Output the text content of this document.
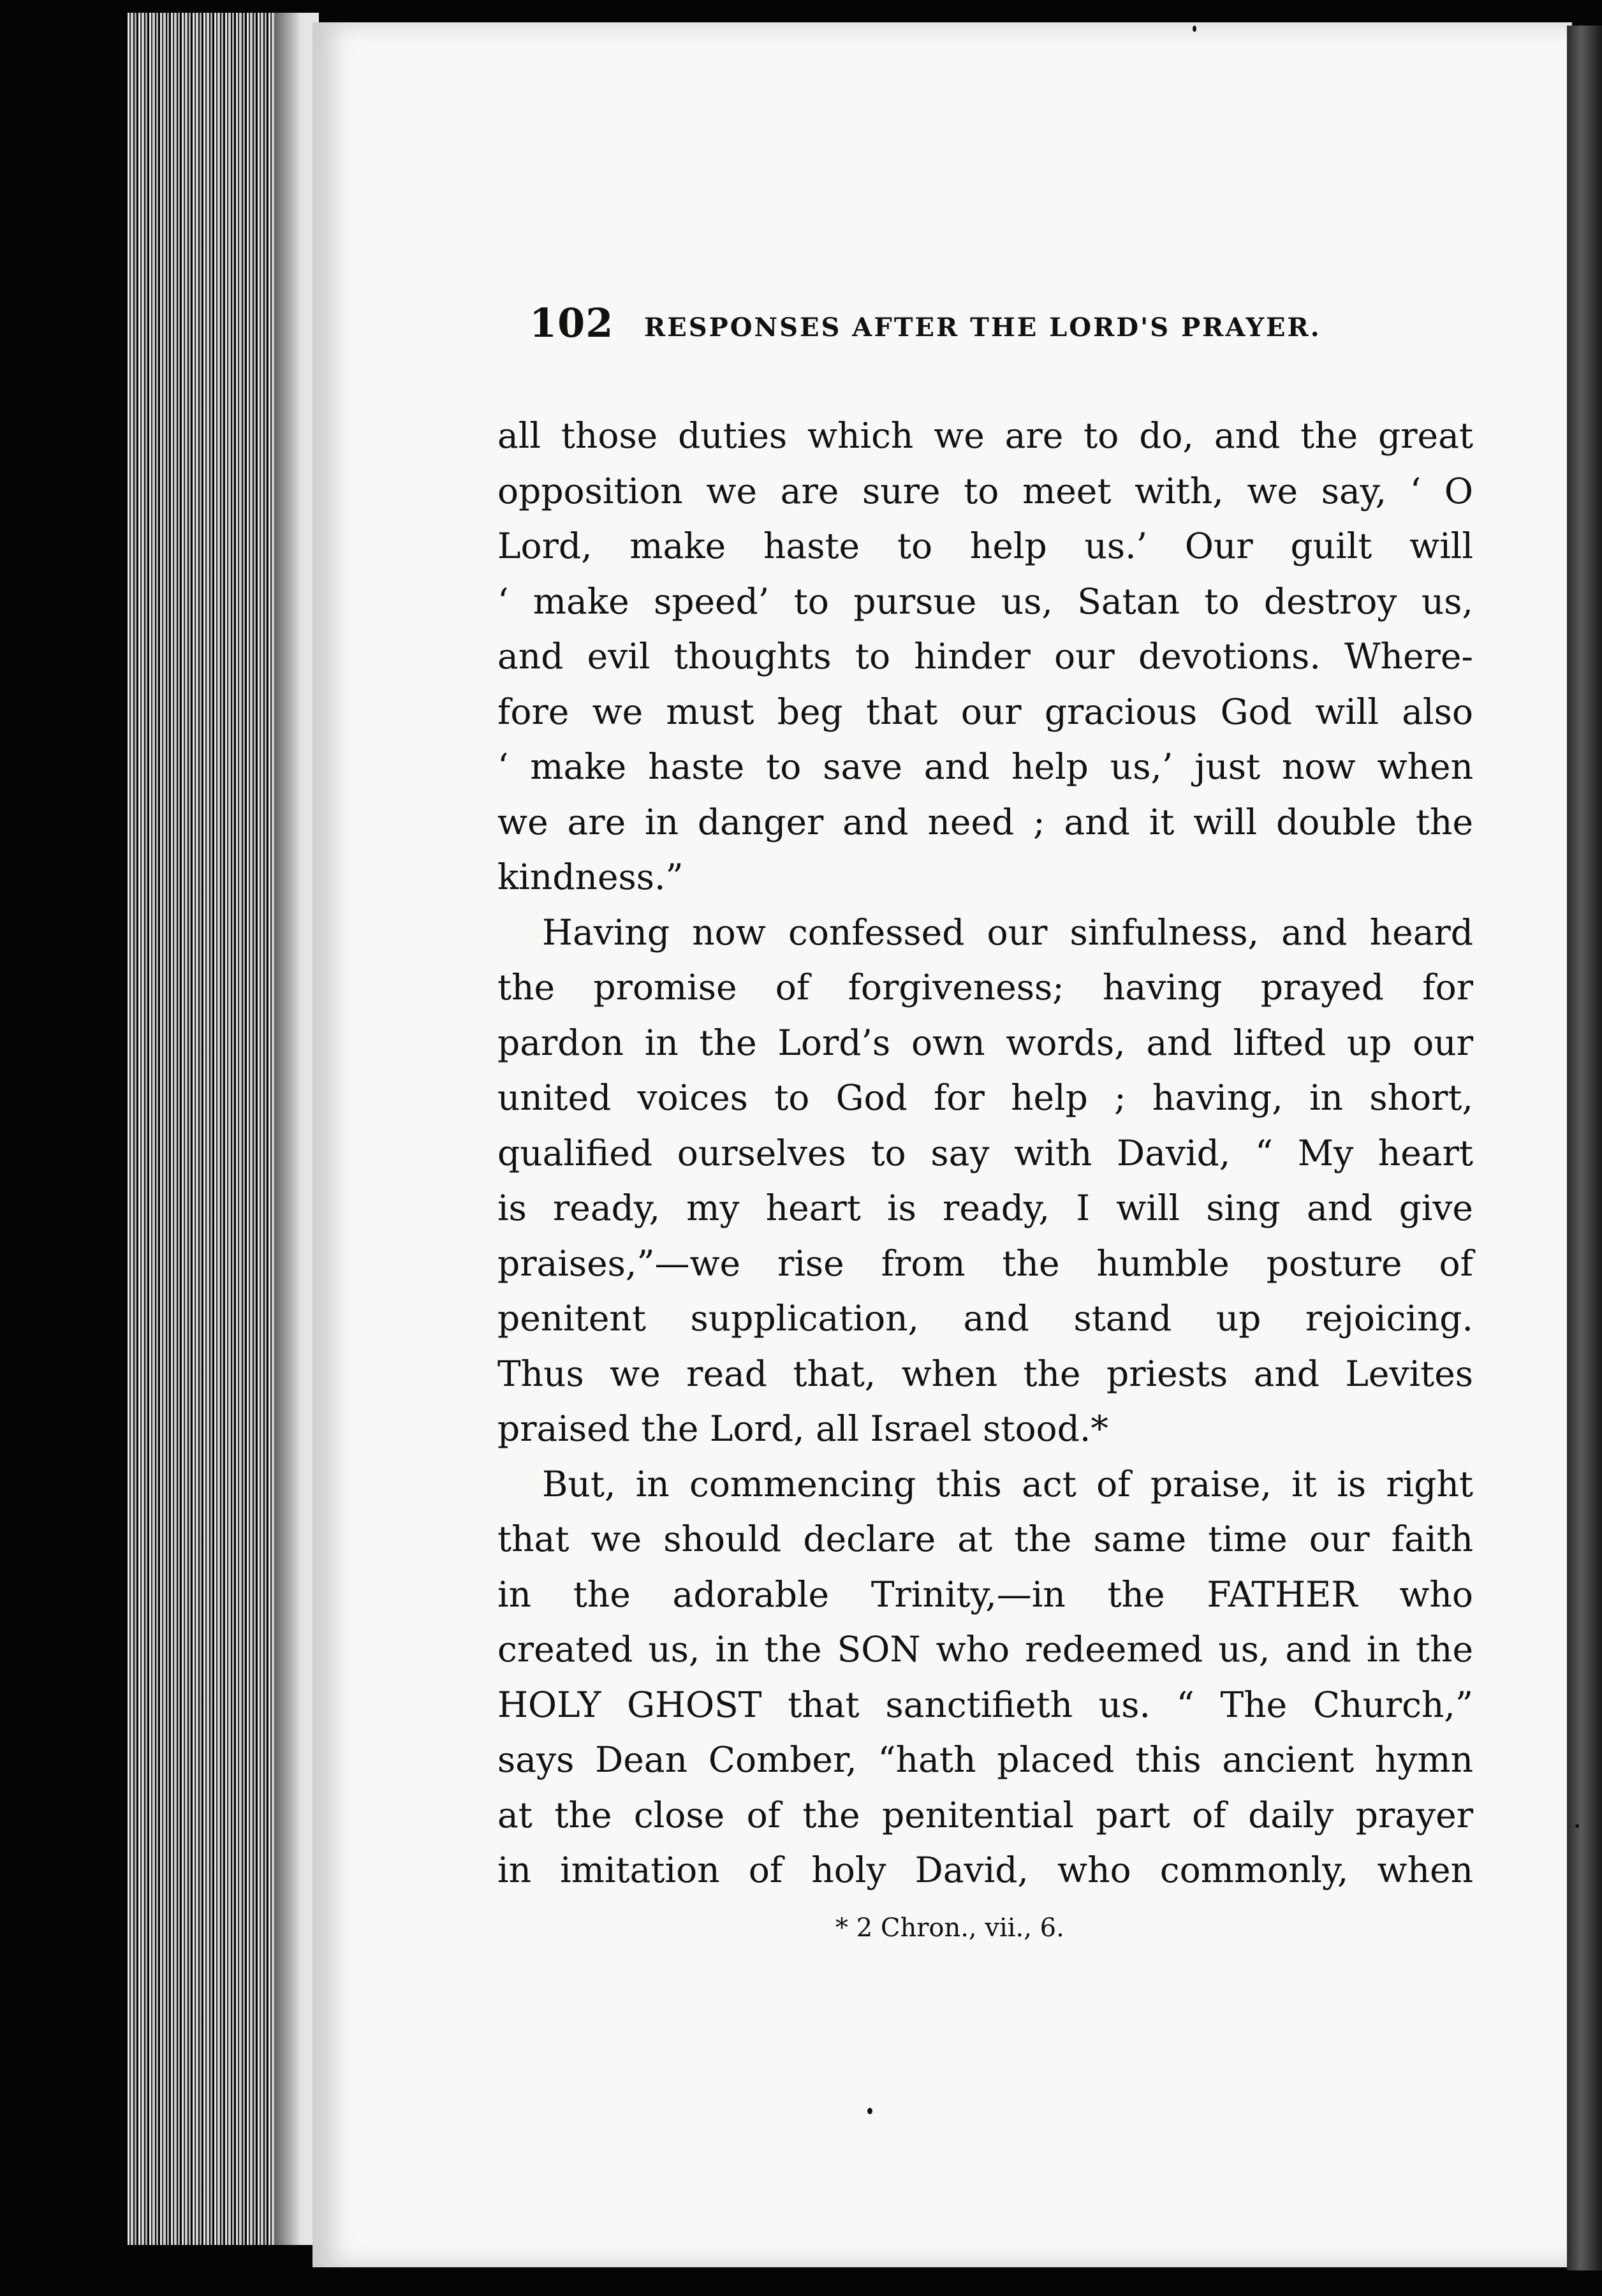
102 RESPONSES AFTER THE LORD'S PRAYER.
all those duties which we are to do, and the great
opposition we are sure to meet with, we say, ‘ O
Lord, make haste to help us.’ Our guilt will
‘ make speed’ to pursue us, Satan to destroy us,
and evil thoughts to hinder our devotions. Where-
fore we must beg that our gracious God will also
‘ make haste to save and help us,’ just now when
we are in danger and need ; and it will double the
kindness.”
Having now confessed our sinfulness, and heard
the promise of forgiveness; having prayed for
pardon in the Lord’s own words, and lifted up our
united voices to God for help ; having, in short,
qualified ourselves to say with David, “ My heart
is ready, my heart is ready, I will sing and give
praises,”—we rise from the humble posture of
penitent supplication, and stand up rejoicing.
Thus we read that, when the priests and Levites
praised the Lord, all Israel stood.*
But, in commencing this act of praise, it is right
that we should declare at the same time our faith
in the adorable Trinity,—in the FATHER who
created us, in the SON who redeemed us, and in the
HOLY GHOST that sanctifieth us. “ The Church,”
says Dean Comber, “hath placed this ancient hymn
at the close of the penitential part of daily prayer
in imitation of holy David, who commonly, when
* 2 Chron., vii., 6.
